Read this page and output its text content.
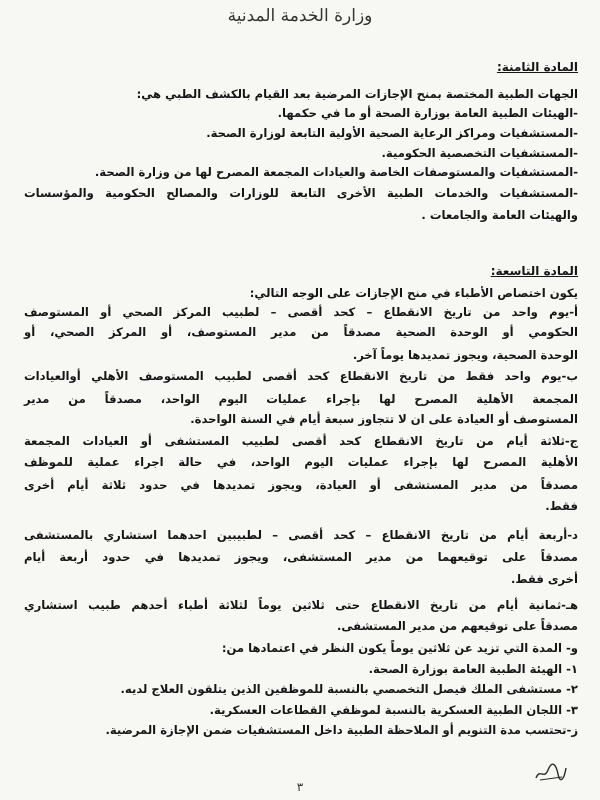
وزارة الخدمة المدنية
المادة الثامنة:
الجهات الطبية المختصة بمنح الإجازات المرضية بعد القيام بالكشف الطبي هي:
-الهيئات الطبية العامة بوزارة الصحة أو ما في حكمها.
-المستشفيات ومراكز الرعاية الصحية الأولية التابعة لوزارة الصحة.
-المستشفيات التخصصية الحكومية.
-المستشفيات والمستوصفات الخاصة والعيادات المجمعة المصرح لها من وزارة الصحة.
-المستشفيات والخدمات الطبية الأخرى التابعة للوزارات والمصالح الحكومية والمؤسسات
والهيئات العامة والجامعات .
المادة التاسعة:
يكون اختصاص الأطباء في منح الإجازات على الوجه التالي:
أ-يوم واحد من تاريخ الانقطاع – كحد أقصى – لطبيب المركز الصحي أو المستوصف
الحكومي أو الوحدة الصحية مصدقاً من مدير المستوصف، أو المركز الصحي، أو
الوحدة الصحية، ويجوز تمديدها يوماً آخر.
ب-يوم واحد فقط من تاريخ الانقطاع كحد أقصى لطبيب المستوصف الأهلي أوالعيادات
المجمعة الأهلية المصرح لها بإجراء عمليات اليوم الواحد، مصدقاً من مدير
المستوصف أو العيادة على ان لا تتجاوز سبعة أيام في السنة الواحدة.
ج-ثلاثة أيام من تاريخ الانقطاع كحد أقصى لطبيب المستشفى أو العيادات المجمعة
الأهلية المصرح لها بإجراء عمليات اليوم الواحد، في حالة اجراء عملية للموظف
مصدقاً من مدير المستشفى أو العيادة، ويجوز تمديدها في حدود ثلاثة أيام أخرى
فقط.
د-أربعة أيام من تاريخ الانقطاع – كحد أقصى – لطبيبين احدهما استشاري بالمستشفى
مصدقاً على توقيعهما من مدير المستشفى، ويجوز تمديدها في حدود أربعة أيام
أخرى فقط.
هـ-ثمانية أيام من تاريخ الانقطاع حتى ثلاثين يوماً لثلاثة أطباء أحدهم طبيب استشاري
مصدقاً على توقيعهم من مدير المستشفى.
و- المدة التي تزيد عن ثلاثين يوماً يكون النظر في اعتمادها من:
١- الهيئة الطبية العامة بوزارة الصحة.
٢- مستشفى الملك فيصل التخصصي بالنسبة للموظفين الذين يتلقون العلاج لديه.
٣- اللجان الطبية العسكرية بالنسبة لموظفي القطاعات العسكرية.
ز-تحتسب مدة التنويم أو الملاحظة الطبية داخل المستشفيات ضمن الإجازة المرضية.
٣
